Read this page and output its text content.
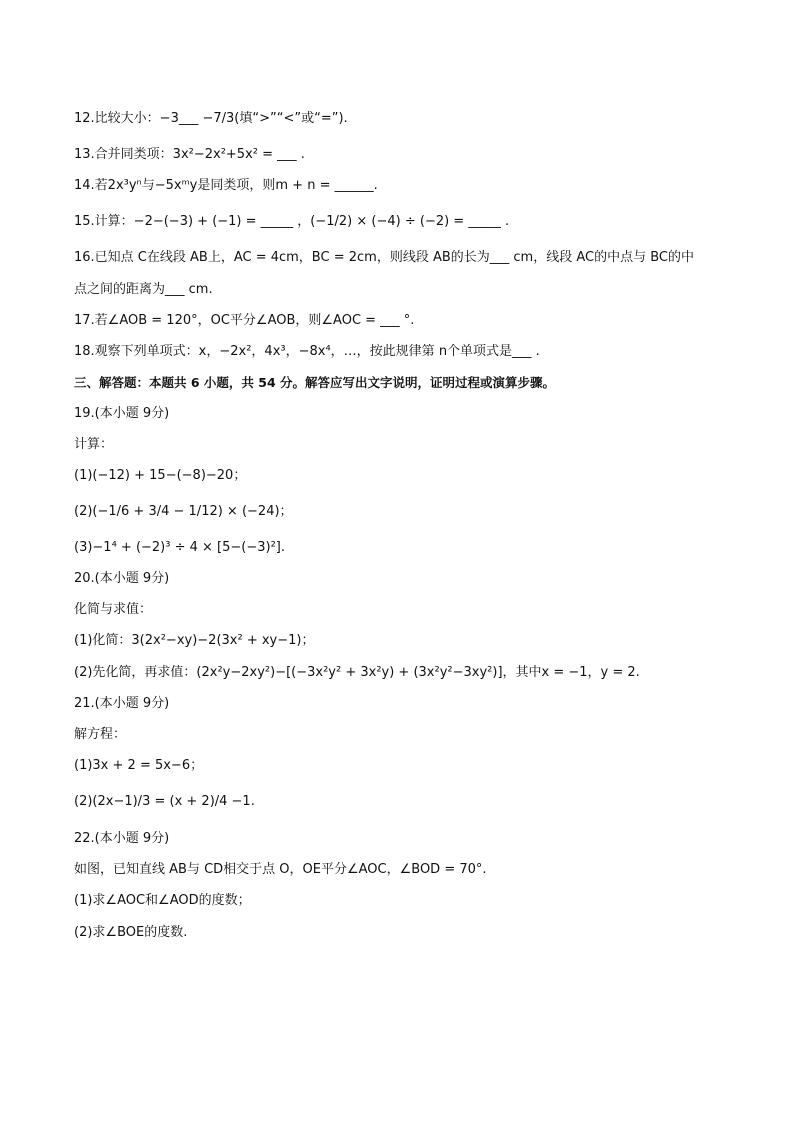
12.比较大小：−3___ −7/3(填“>”“<”或“=”).
13.合并同类项：3x²−2x²+5x² = ___ .
14.若2x³yⁿ与−5xᵐy是同类项，则m + n = ______.
15.计算：−2−(−3) + (−1) = _____ ，(−1/2) × (−4) ÷ (−2) = _____ .
16.已知点 C在线段 AB上，AC = 4cm，BC = 2cm，则线段 AB的长为___ cm，线段 AC的中点与 BC的中
点之间的距离为___ cm.
17.若∠AOB = 120°，OC平分∠AOB，则∠AOC = ___ °.
18.观察下列单项式：x，−2x²，4x³，−8x⁴，…，按此规律第 n个单项式是___ .
三、解答题：本题共 6 小题，共 54 分。解答应写出文字说明，证明过程或演算步骤。
19.(本小题 9分)
计算：
(1)(−12) + 15−(−8)−20；
(2)(−1/6 + 3/4 − 1/12) × (−24)；
(3)−1⁴ + (−2)³ ÷ 4 × [5−(−3)²].
20.(本小题 9分)
化简与求值：
(1)化简：3(2x²−xy)−2(3x² + xy−1)；
(2)先化简，再求值：(2x²y−2xy²)−[(−3x²y² + 3x²y) + (3x²y²−3xy²)]，其中x = −1，y = 2.
21.(本小题 9分)
解方程：
(1)3x + 2 = 5x−6；
(2)(2x−1)/3 = (x + 2)/4 −1.
22.(本小题 9分)
如图，已知直线 AB与 CD相交于点 O，OE平分∠AOC，∠BOD = 70°.
(1)求∠AOC和∠AOD的度数；
(2)求∠BOE的度数.
